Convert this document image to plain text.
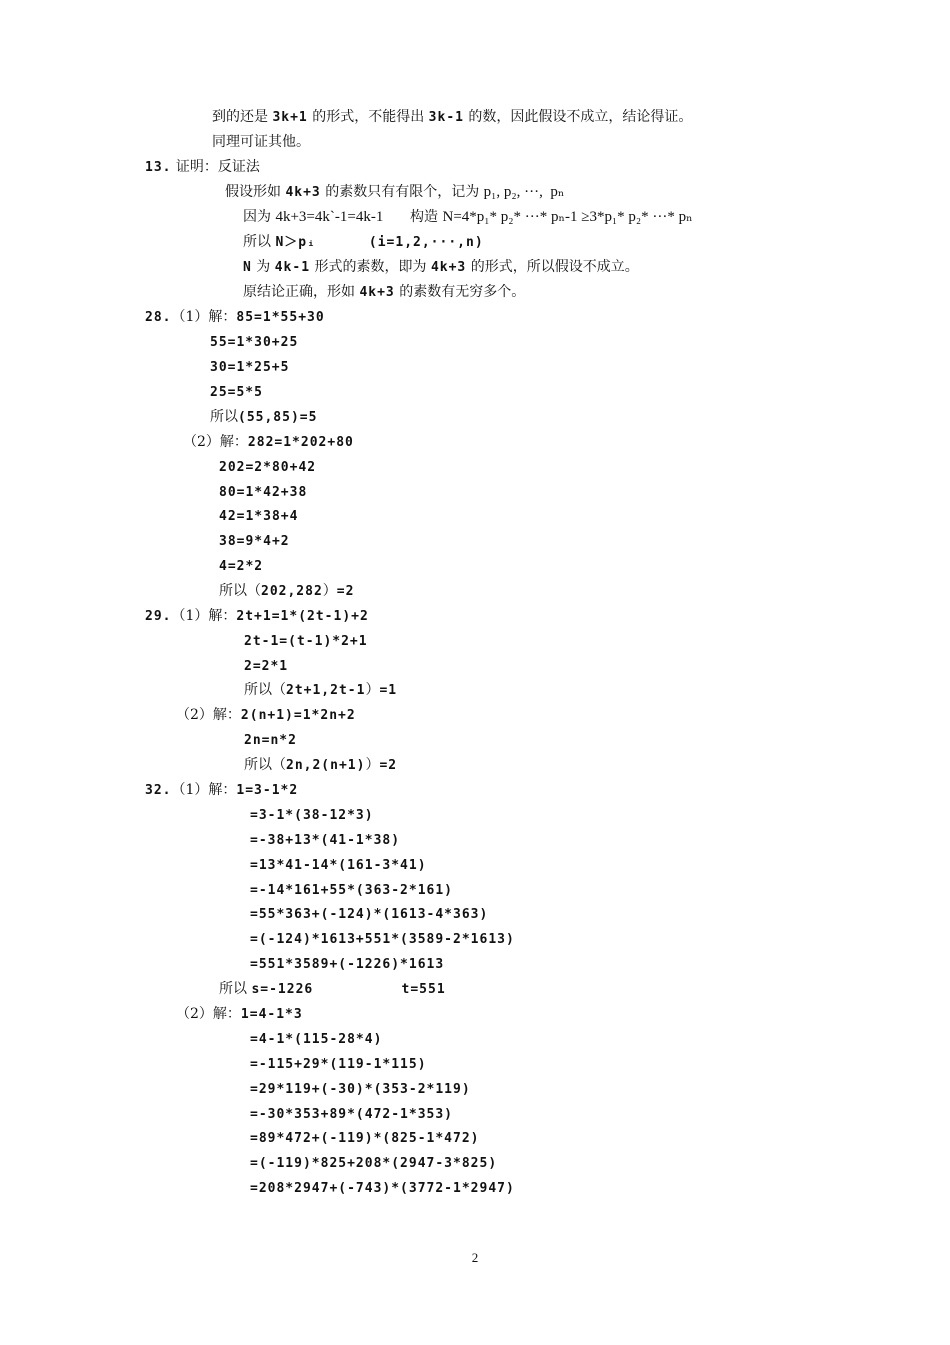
到的还是 3k+1 的形式，不能得出 3k-1 的数，因此假设不成立，结论得证。
同理可证其他。
13. 证明：反证法
假设形如 4k+3 的素数只有有限个，记为 p₁, p₂, ···,  pₙ
因为 4k+3=4k`-1=4k-1      构造 N=4*p₁* p₂* ···* pₙ-1 ≥3*p₁* p₂* ···* pₙ
所以 N＞pᵢ      (i=1,2,···,n)
N 为 4k-1 形式的素数，即为 4k+3 的形式，所以假设不成立。
原结论正确，形如 4k+3 的素数有无穷多个。
28.（1）解：85=1*55+30
55=1*30+25
30=1*25+5
25=5*5
所以(55,85)=5
（2）解：282=1*202+80
202=2*80+42
80=1*42+38
42=1*38+4
38=9*4+2
4=2*2
所以（202,282）=2
29.（1）解：2t+1=1*(2t-1)+2
2t-1=(t-1)*2+1
2=2*1
所以（2t+1,2t-1）=1
（2）解：2(n+1)=1*2n+2
2n=n*2
所以（2n,2(n+1)）=2
32.（1）解：1=3-1*2
=3-1*(38-12*3)
=-38+13*(41-1*38)
=13*41-14*(161-3*41)
=-14*161+55*(363-2*161)
=55*363+(-124)*(1613-4*363)
=(-124)*1613+551*(3589-2*1613)
=551*3589+(-1226)*1613
所以 s=-1226          t=551
（2）解：1=4-1*3
=4-1*(115-28*4)
=-115+29*(119-1*115)
=29*119+(-30)*(353-2*119)
=-30*353+89*(472-1*353)
=89*472+(-119)*(825-1*472)
=(-119)*825+208*(2947-3*825)
=208*2947+(-743)*(3772-1*2947)
2
